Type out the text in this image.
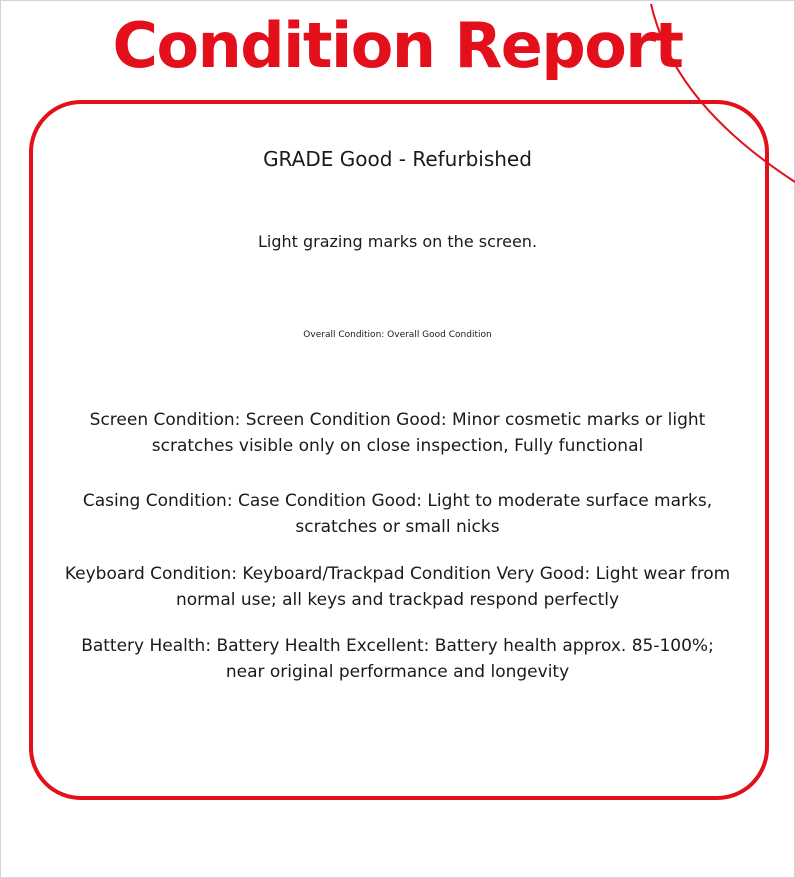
Condition Report

GRADE Good - Refurbished

Light grazing marks on the screen.

Overall Condition: Overall Good Condition

Screen Condition: Screen Condition Good: Minor cosmetic marks or light scratches visible only on close inspection, Fully functional

Casing Condition: Case Condition Good: Light to moderate surface marks, scratches or small nicks

Keyboard Condition: Keyboard/Trackpad Condition Very Good: Light wear from normal use; all keys and trackpad respond perfectly

Battery Health: Battery Health Excellent: Battery health approx. 85-100%; near original performance and longevity
